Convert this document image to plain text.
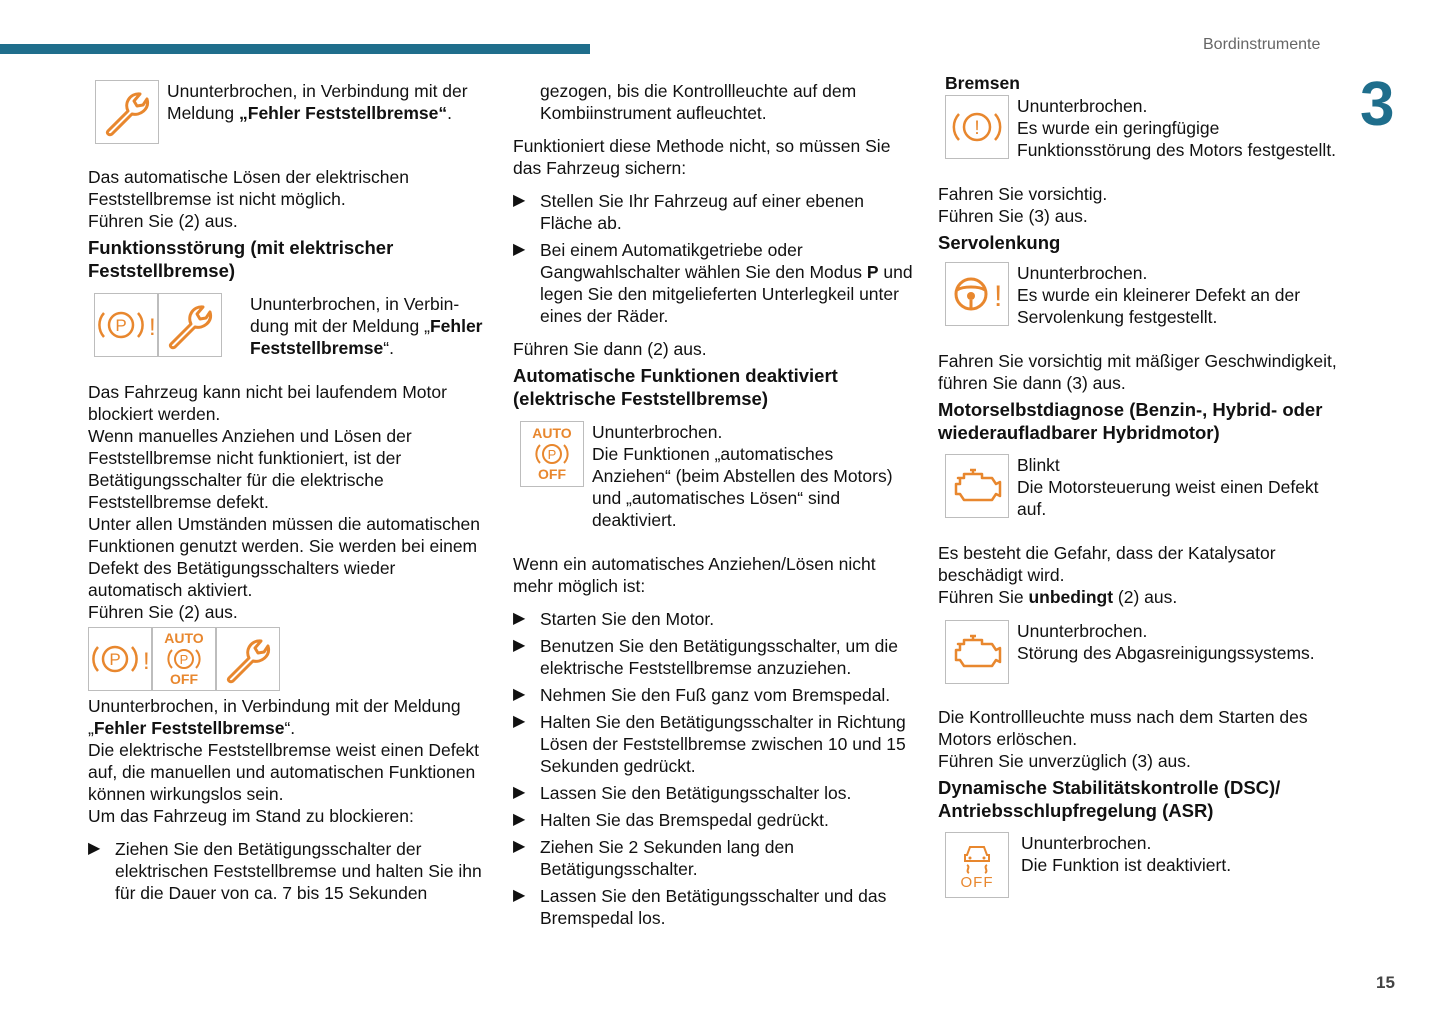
Bordinstrumente
3
15
Ununterbrochen, in Verbindung mit der Meldung „Fehler Feststellbremse“.

Das automatische Lösen der elektrischen Feststellbremse ist nicht möglich.

Führen Sie (2) aus.

Funktionsstörung (mit elektrischer Feststellbremse)
P !
Ununterbrochen, in Verbin-dung mit der Meldung „Fehler Feststellbremse“.

Das Fahrzeug kann nicht bei laufendem Motor blockiert werden.

Wenn manuelles Anziehen und Lösen der Feststellbremse nicht funktioniert, ist der Betätigungsschalter für die elektrische Feststellbremse defekt.

Unter allen Umständen müssen die automatischen Funktionen genutzt werden. Sie werden bei einem Defekt des Betätigungsschalters wieder automatisch aktiviert.

Führen Sie (2) aus.

P !
AUTO
P
OFF

Ununterbrochen, in Verbindung mit der Meldung „Fehler Feststellbremse“.

Die elektrische Feststellbremse weist einen Defekt auf, die manuellen und automatischen Funktionen können wirkungslos sein.

Um das Fahrzeug im Stand zu blockieren:

▶ Ziehen Sie den Betätigungsschalter der elektrischen Feststellbremse und halten Sie ihn für die Dauer von ca. 7 bis 15 Sekunden

gezogen, bis die Kontrollleuchte auf dem Kombiinstrument aufleuchtet.

Funktioniert diese Methode nicht, so müssen Sie das Fahrzeug sichern:

▶ Stellen Sie Ihr Fahrzeug auf einer ebenen Fläche ab.
▶ Bei einem Automatikgetriebe oder Gangwahlschalter wählen Sie den Modus P und legen Sie den mitgelieferten Unterlegkeil unter eines der Räder.

Führen Sie dann (2) aus.

Automatische Funktionen deaktiviert (elektrische Feststellbremse)
AUTO
P
OFF
Ununterbrochen.
Die Funktionen „automatisches Anziehen“ (beim Abstellen des Motors) und „automatisches Lösen“ sind deaktiviert.

Wenn ein automatisches Anziehen/Lösen nicht mehr möglich ist:

▶ Starten Sie den Motor.
▶ Benutzen Sie den Betätigungsschalter, um die elektrische Feststellbremse anzuziehen.
▶ Nehmen Sie den Fuß ganz vom Bremspedal.
▶ Halten Sie den Betätigungsschalter in Richtung Lösen der Feststellbremse zwischen 10 und 15 Sekunden gedrückt.
▶ Lassen Sie den Betätigungsschalter los.
▶ Halten Sie das Bremspedal gedrückt.
▶ Ziehen Sie 2 Sekunden lang den Betätigungsschalter.
▶ Lassen Sie den Betätigungsschalter und das Bremspedal los.
Bremsen
!
Ununterbrochen.
Es wurde ein geringfügige Funktionsstörung des Motors festgestellt.

Fahren Sie vorsichtig.

Führen Sie (3) aus.

Servolenkung
!
Ununterbrochen.
Es wurde ein kleinerer Defekt an der Servolenkung festgestellt.

Fahren Sie vorsichtig mit mäßiger Geschwindigkeit, führen Sie dann (3) aus.

Motorselbstdiagnose (Benzin-, Hybrid- oder wiederaufladbarer Hybridmotor)
Blinkt
Die Motorsteuerung weist einen Defekt auf.

Es besteht die Gefahr, dass der Katalysator beschädigt wird.

Führen Sie unbedingt (2) aus.

Ununterbrochen.
Störung des Abgasreinigungssystems.

Die Kontrollleuchte muss nach dem Starten des Motors erlöschen.

Führen Sie unverzüglich (3) aus.

Dynamische Stabilitätskontrolle (DSC)/ Antriebsschlupfregelung (ASR)
OFF
Ununterbrochen.
Die Funktion ist deaktiviert.
